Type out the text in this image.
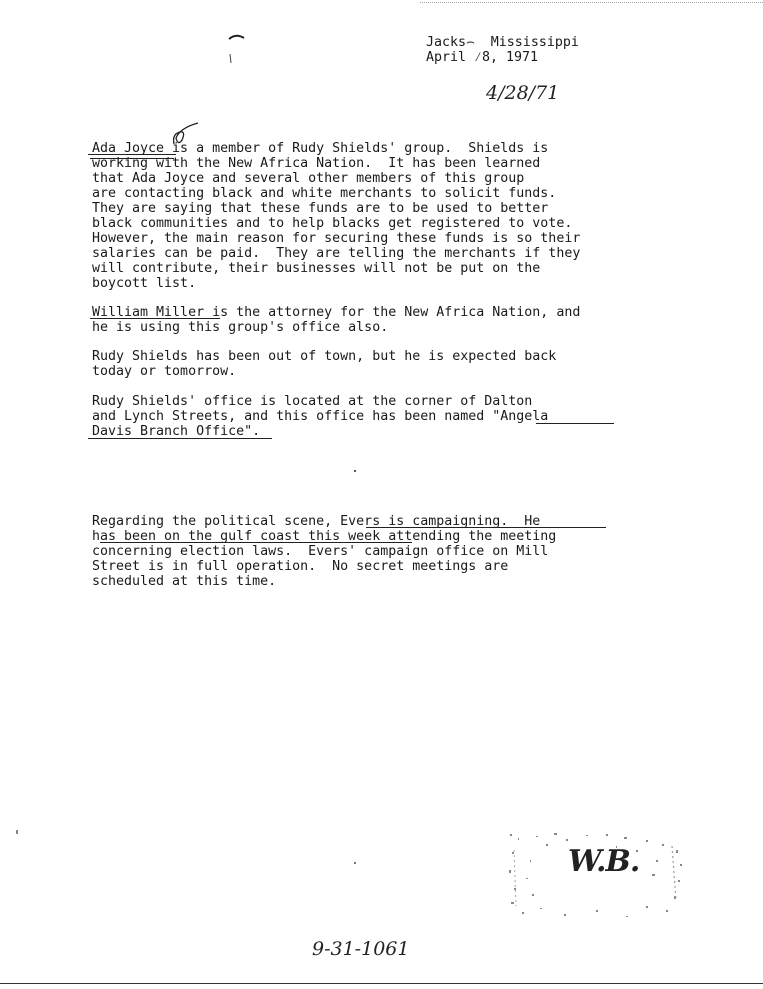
Jacks⌢  Mississippi
April ⁄8, 1971
4/28/71
Ada Joyce is a member of Rudy Shields' group.  Shields is
working with the New Africa Nation.  It has been learned
that Ada Joyce and several other members of this group
are contacting black and white merchants to solicit funds.
They are saying that these funds are to be used to better
black communities and to help blacks get registered to vote.
However, the main reason for securing these funds is so their
salaries can be paid.  They are telling the merchants if they
will contribute, their businesses will not be put on the
boycott list.
William Miller is the attorney for the New Africa Nation, and
he is using this group's office also.
Rudy Shields has been out of town, but he is expected back
today or tomorrow.
Rudy Shields' office is located at the corner of Dalton
and Lynch Streets, and this office has been named "Angela
Davis Branch Office".
Regarding the political scene, Evers is campaigning.  He
has been on the gulf coast this week attending the meeting
concerning election laws.  Evers' campaign office on Mill
Street is in full operation.  No secret meetings are
scheduled at this time.
W.B.
9-31-1061
